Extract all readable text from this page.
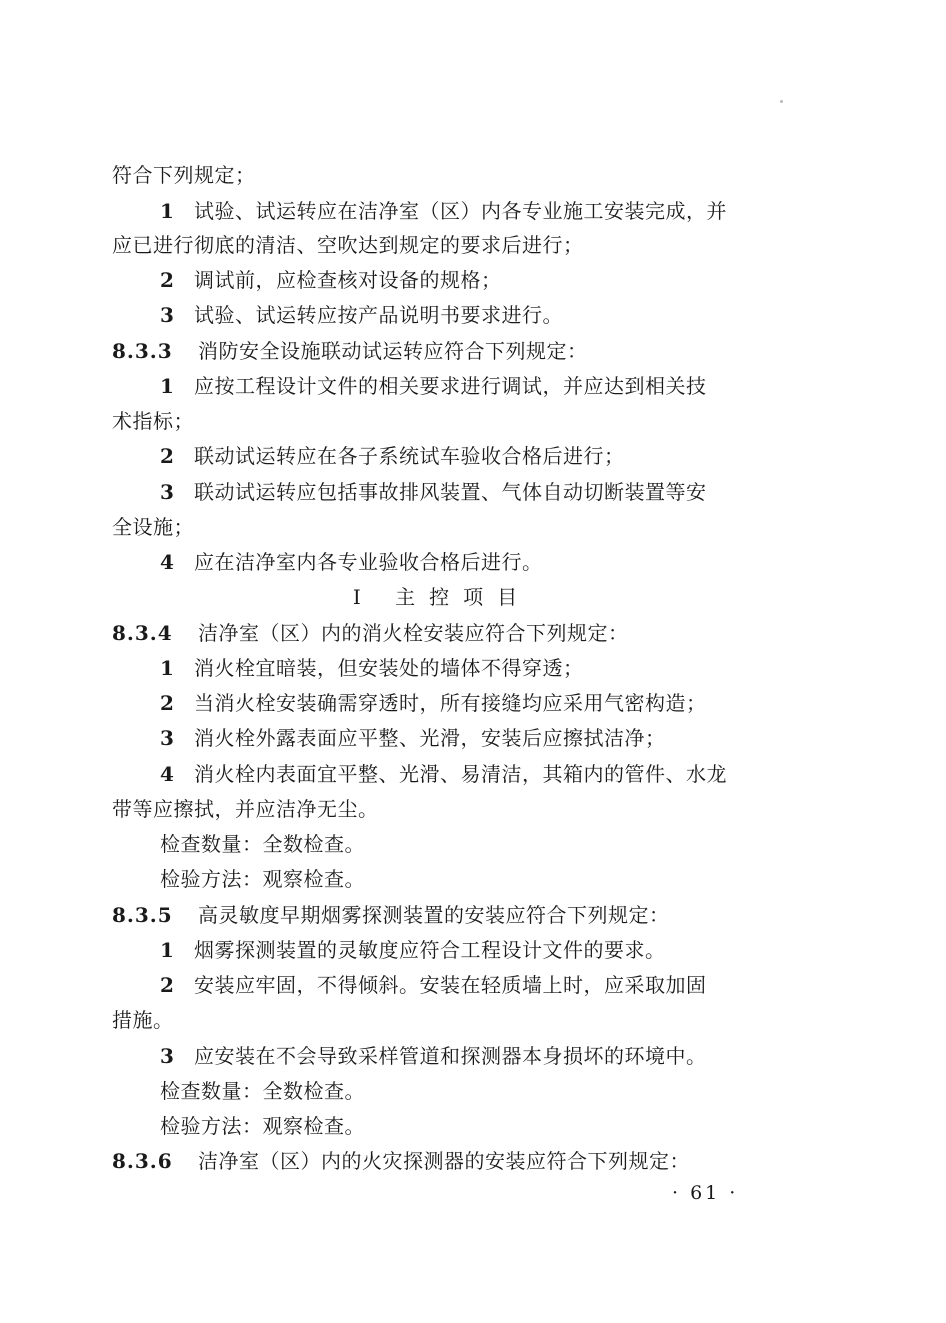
符合下列规定；
1 试验、试运转应在洁净室（区）内各专业施工安装完成，并
应已进行彻底的清洁、空吹达到规定的要求后进行；
2 调试前，应检查核对设备的规格；
3 试验、试运转应按产品说明书要求进行。
8.3.3 消防安全设施联动试运转应符合下列规定：
1 应按工程设计文件的相关要求进行调试，并应达到相关技
术指标；
2 联动试运转应在各子系统试车验收合格后进行；
3 联动试运转应包括事故排风装置、气体自动切断装置等安
全设施；
4 应在洁净室内各专业验收合格后进行。
Ⅰ 主控项目
8.3.4 洁净室（区）内的消火栓安装应符合下列规定：
1 消火栓宜暗装，但安装处的墙体不得穿透；
2 当消火栓安装确需穿透时，所有接缝均应采用气密构造；
3 消火栓外露表面应平整、光滑，安装后应擦拭洁净；
4 消火栓内表面宜平整、光滑、易清洁，其箱内的管件、水龙
带等应擦拭，并应洁净无尘。
检查数量：全数检查。
检验方法：观察检查。
8.3.5 高灵敏度早期烟雾探测装置的安装应符合下列规定：
1 烟雾探测装置的灵敏度应符合工程设计文件的要求。
2 安装应牢固，不得倾斜。安装在轻质墙上时，应采取加固
措施。
3 应安装在不会导致采样管道和探测器本身损坏的环境中。
检查数量：全数检查。
检验方法：观察检查。
8.3.6 洁净室（区）内的火灾探测器的安装应符合下列规定：
· 61 ·
